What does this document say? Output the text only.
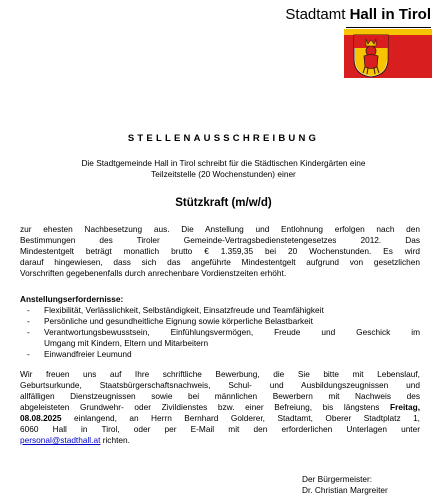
Stadtamt Hall in Tirol
STELLENAUSSCHREIBUNG
Die Stadtgemeinde Hall in Tirol schreibt für die Städtischen Kindergärten eine
Teilzeitstelle (20 Wochenstunden) einer
Stützkraft (m/w/d)
zur ehesten Nachbesetzung aus. Die Anstellung und Entlohnung erfolgen nach den
Bestimmungen des Tiroler Gemeinde-Vertragsbedienstetengesetzes 2012. Das
Mindestentgelt beträgt monatlich brutto € 1.359,35 bei 20 Wochenstunden. Es wird
darauf hingewiesen, dass sich das angeführte Mindestentgelt aufgrund von gesetzlichen
Vorschriften gegebenenfalls durch anrechenbare Vordienstzeiten erhöht.
Anstellungserfordernisse:
- Flexibilität, Verlässlichkeit, Selbständigkeit, Einsatzfreude und Teamfähigkeit
- Persönliche und gesundheitliche Eignung sowie körperliche Belastbarkeit
- Verantwortungsbewusstsein, Einfühlungsvermögen, Freude und Geschick im
Umgang mit Kindern, Eltern und Mitarbeitern
- Einwandfreier Leumund
Wir freuen uns auf Ihre schriftliche Bewerbung, die Sie bitte mit Lebenslauf,
Geburtsurkunde, Staatsbürgerschaftsnachweis, Schul- und Ausbildungszeugnissen und
allfälligen Dienstzeugnissen sowie bei männlichen Bewerbern mit Nachweis des
abgeleisteten Grundwehr- oder Zivildienstes bzw. einer Befreiung, bis längstens Freitag,
08.08.2025 einlangend, an Herrn Bernhard Golderer, Stadtamt, Oberer Stadtplatz 1,
6060 Hall in Tirol, oder per E-Mail mit den erforderlichen Unterlagen unter
personal@stadthall.at richten.
Der Bürgermeister:
Dr. Christian Margreiter
